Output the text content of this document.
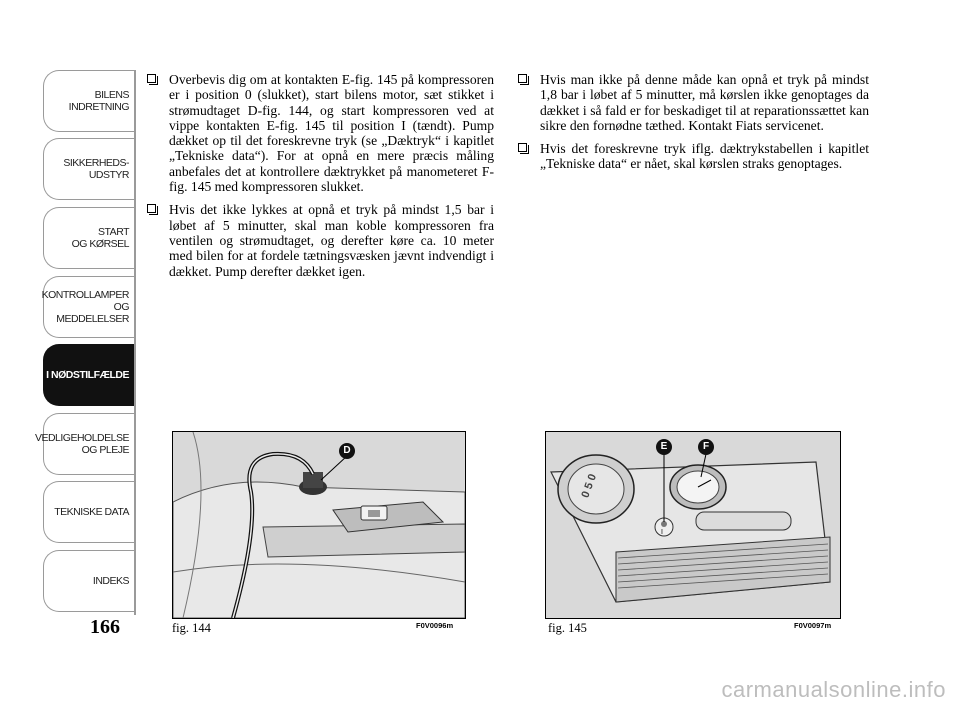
BILENS
INDRETNING
SIKKERHEDS-
UDSTYR
START
OG KØRSEL
KONTROLLAMPER
OG MEDDELELSER
I NØDSTILFÆLDE
VEDLIGEHOLDELSE
OG PLEJE
TEKNISKE DATA
INDEKS
166

Overbevis dig om at kontakten E-fig. 145 på kompressoren er i position 0 (slukket), start bilens motor, sæt stikket i strømudtaget D-fig. 144, og start kompressoren ved at vippe kontakten E-fig. 145 til position I (tændt). Pump dækket op til det foreskrevne tryk (se „Dæktryk“ i kapitlet „Tekniske data“). For at opnå en mere præcis måling anbefales det at kontrollere dæktrykket på manometeret F-fig. 145 med kompressoren slukket.

Hvis det ikke lykkes at opnå et tryk på mindst 1,5 bar i løbet af 5 minutter, skal man koble kompressoren fra ventilen og strømudtaget, og derefter køre ca. 10 meter med bilen for at fordele tætningsvæsken jævnt indvendigt i dækket. Pump derefter dækket igen.

Hvis man ikke på denne måde kan opnå et tryk på mindst 1,8 bar i løbet af 5 minutter, må kørslen ikke genoptages da dækket i så fald er for beskadiget til at reparationssættet kan sikre den fornødne tæthed. Kontakt Fiats servicenet.

Hvis det foreskrevne tryk iflg. dæktrykstabellen i kapitlet „Tekniske data“ er nået, skal kørslen straks genoptages.

D
fig. 144	F0V0096m
0 5 0
I
E	F
fig. 145	F0V0097m
carmanualsonline.info
